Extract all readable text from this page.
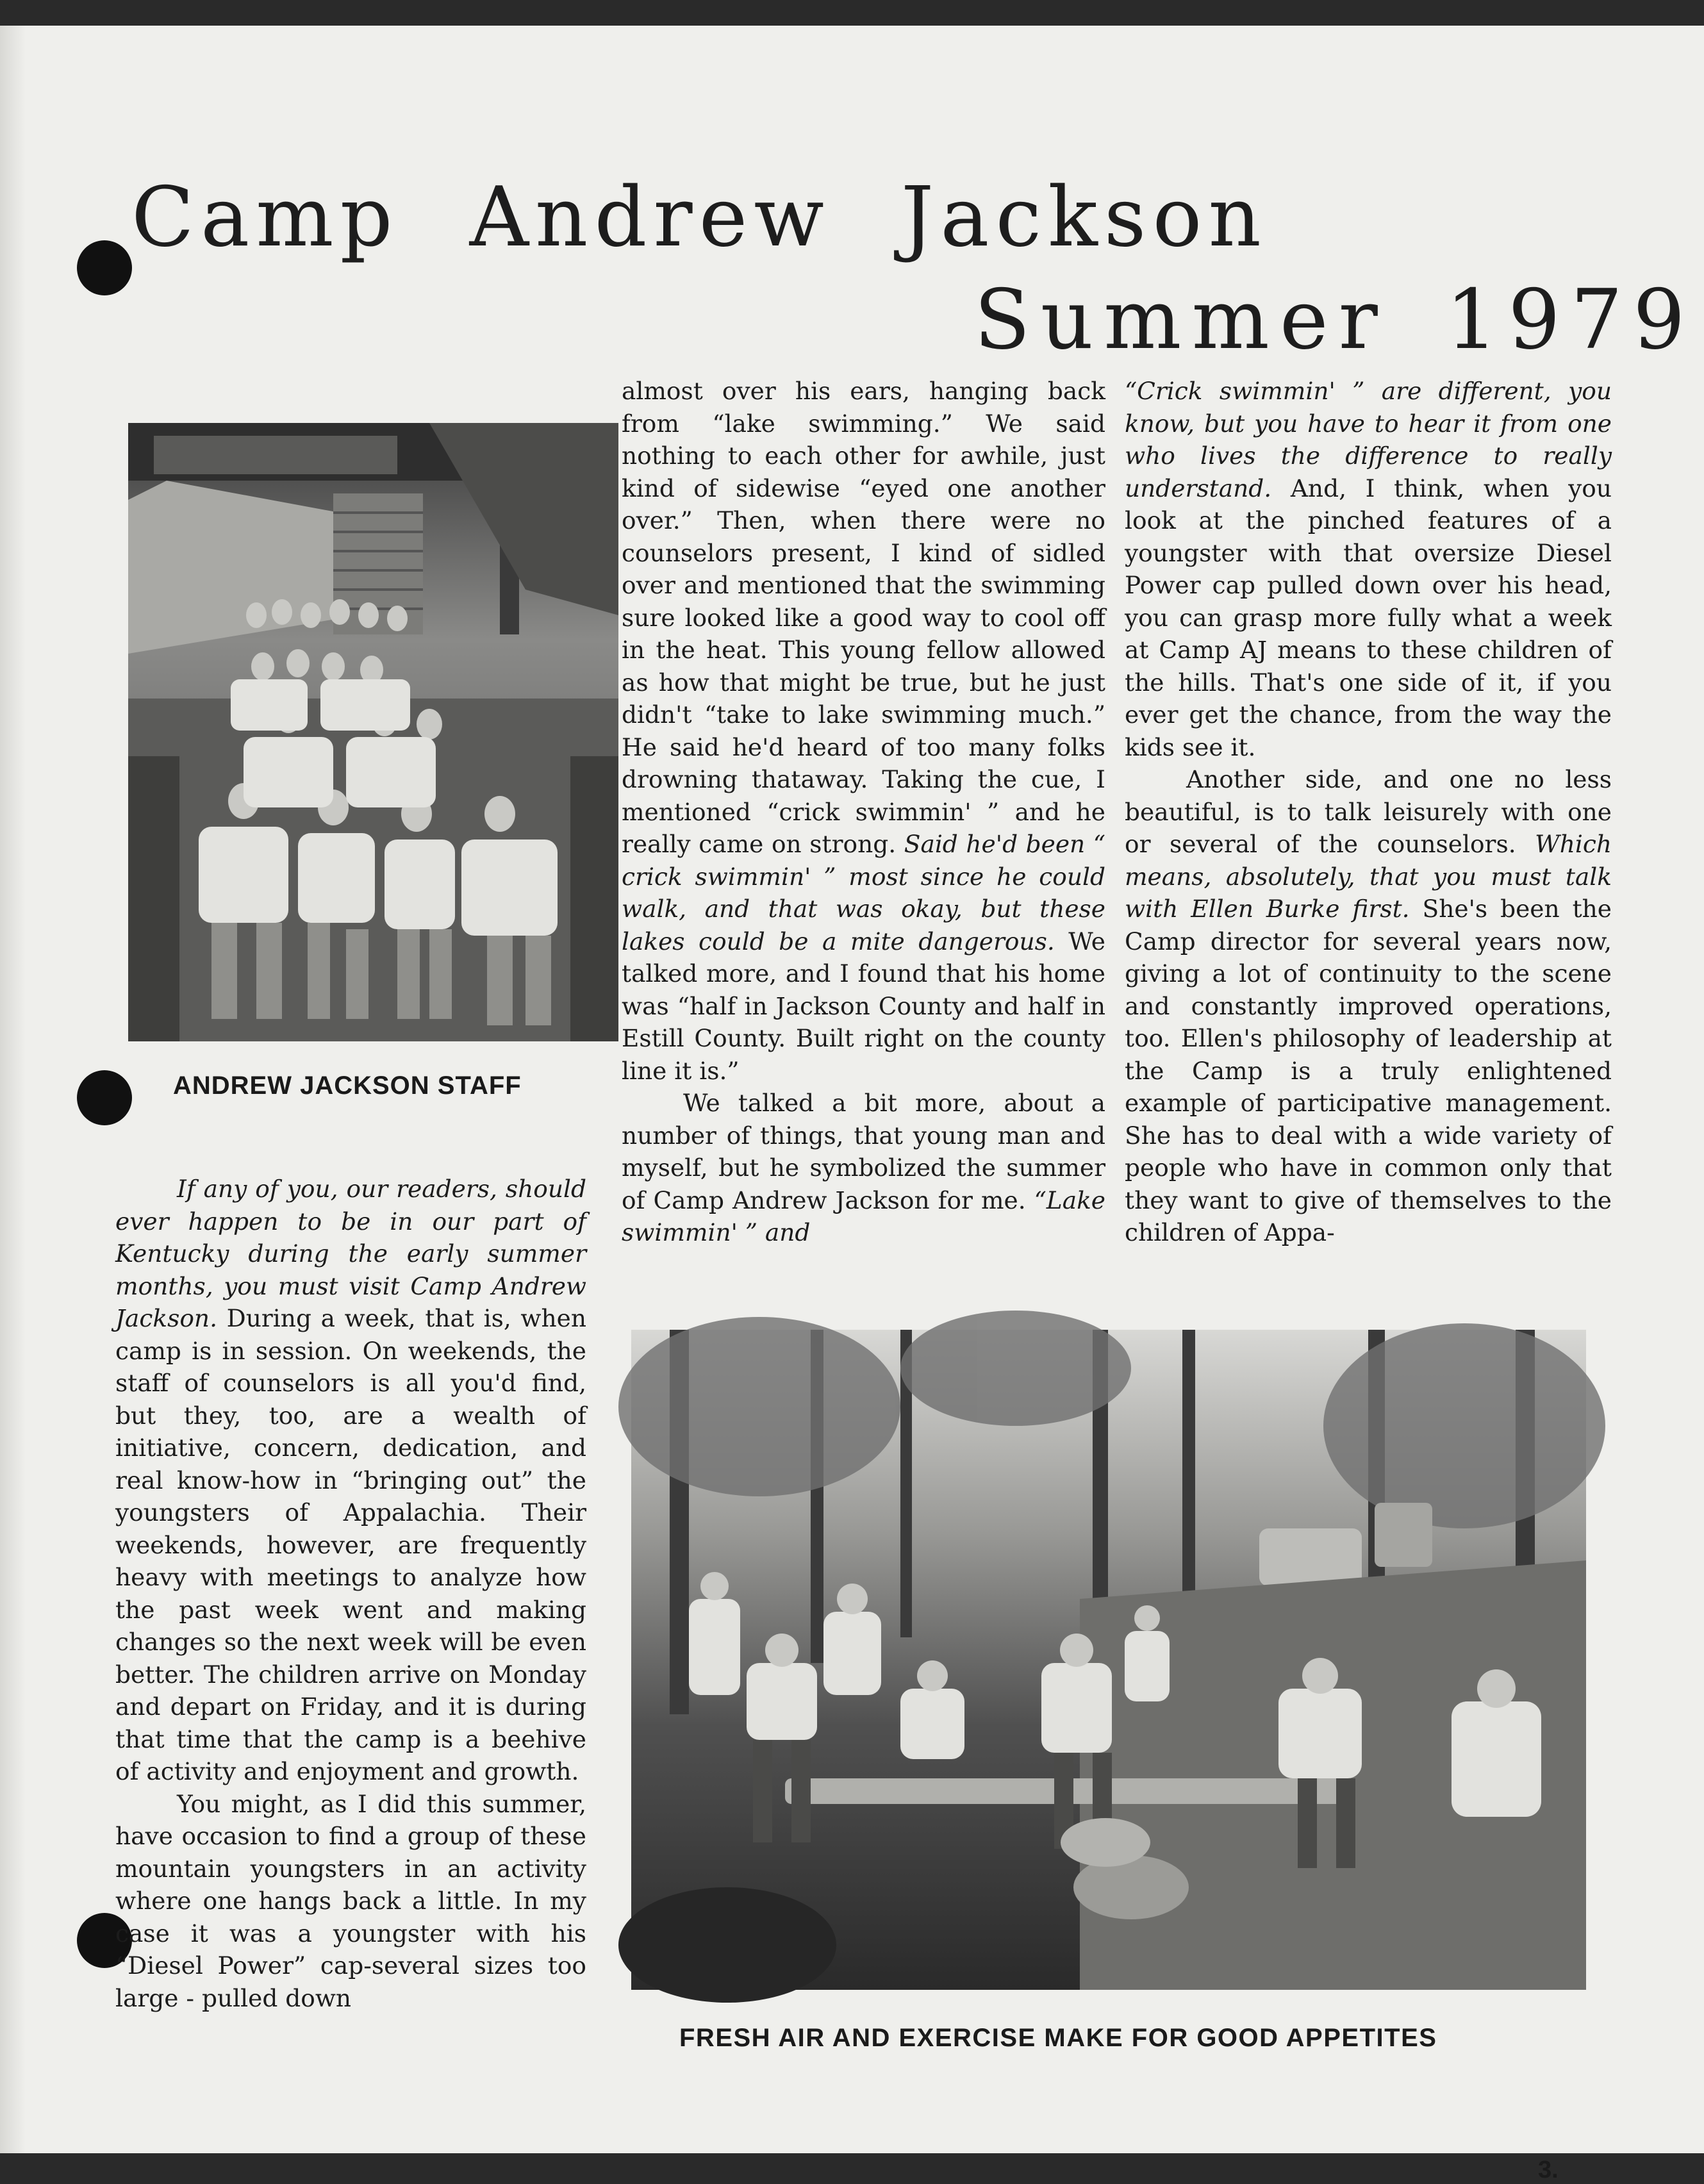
Camp Andrew Jackson
Summer 1979
ANDREW JACKSON STAFF

If any of you, our readers, should ever happen to be in our part of Kentucky during the early summer months, you must visit Camp Andrew Jackson. During a week, that is, when camp is in session. On weekends, the staff of counselors is all you'd find, but they, too, are a wealth of initiative, concern, dedication, and real know-how in “bringing out” the youngsters of Appalachia. Their weekends, however, are frequently heavy with meetings to analyze how the past week went and making changes so the next week will be even better. The children arrive on Monday and depart on Friday, and it is during that time that the camp is a beehive of activity and enjoyment and growth.

You might, as I did this summer, have occasion to find a group of these mountain youngsters in an activity where one hangs back a little. In my case it was a youngster with his “Diesel Power” cap-several sizes too large - pulled down

almost over his ears, hanging back from “lake swimming.” We said nothing to each other for awhile, just kind of sidewise “eyed one another over.” Then, when there were no counselors present, I kind of sidled over and mentioned that the swimming sure looked like a good way to cool off in the heat. This young fellow allowed as how that might be true, but he just didn't “take to lake swimming much.” He said he'd heard of too many folks drowning thataway. Taking the cue, I mentioned “crick swimmin' ” and he really came on strong. Said he'd been “ crick swimmin' ” most since he could walk, and that was okay, but these lakes could be a mite dangerous. We talked more, and I found that his home was “half in Jackson County and half in Estill County. Built right on the county line it is.”

We talked a bit more, about a number of things, that young man and myself, but he symbolized the summer of Camp Andrew Jackson for me. “Lake swimmin' ” and

“Crick swimmin' ” are different, you know, but you have to hear it from one who lives the difference to really understand. And, I think, when you look at the pinched features of a youngster with that oversize Diesel Power cap pulled down over his head, you can grasp more fully what a week at Camp AJ means to these children of the hills. That's one side of it, if you ever get the chance, from the way the kids see it.

Another side, and one no less beautiful, is to talk leisurely with one or several of the counselors. Which means, absolutely, that you must talk with Ellen Burke first. She's been the Camp director for several years now, giving a lot of continuity to the scene and constantly improved operations, too. Ellen's philosophy of leadership at the Camp is a truly enlightened example of participative management. She has to deal with a wide variety of people who have in common only that they want to give of themselves to the children of Appa-

FRESH AIR AND EXERCISE MAKE FOR GOOD APPETITES
3.
